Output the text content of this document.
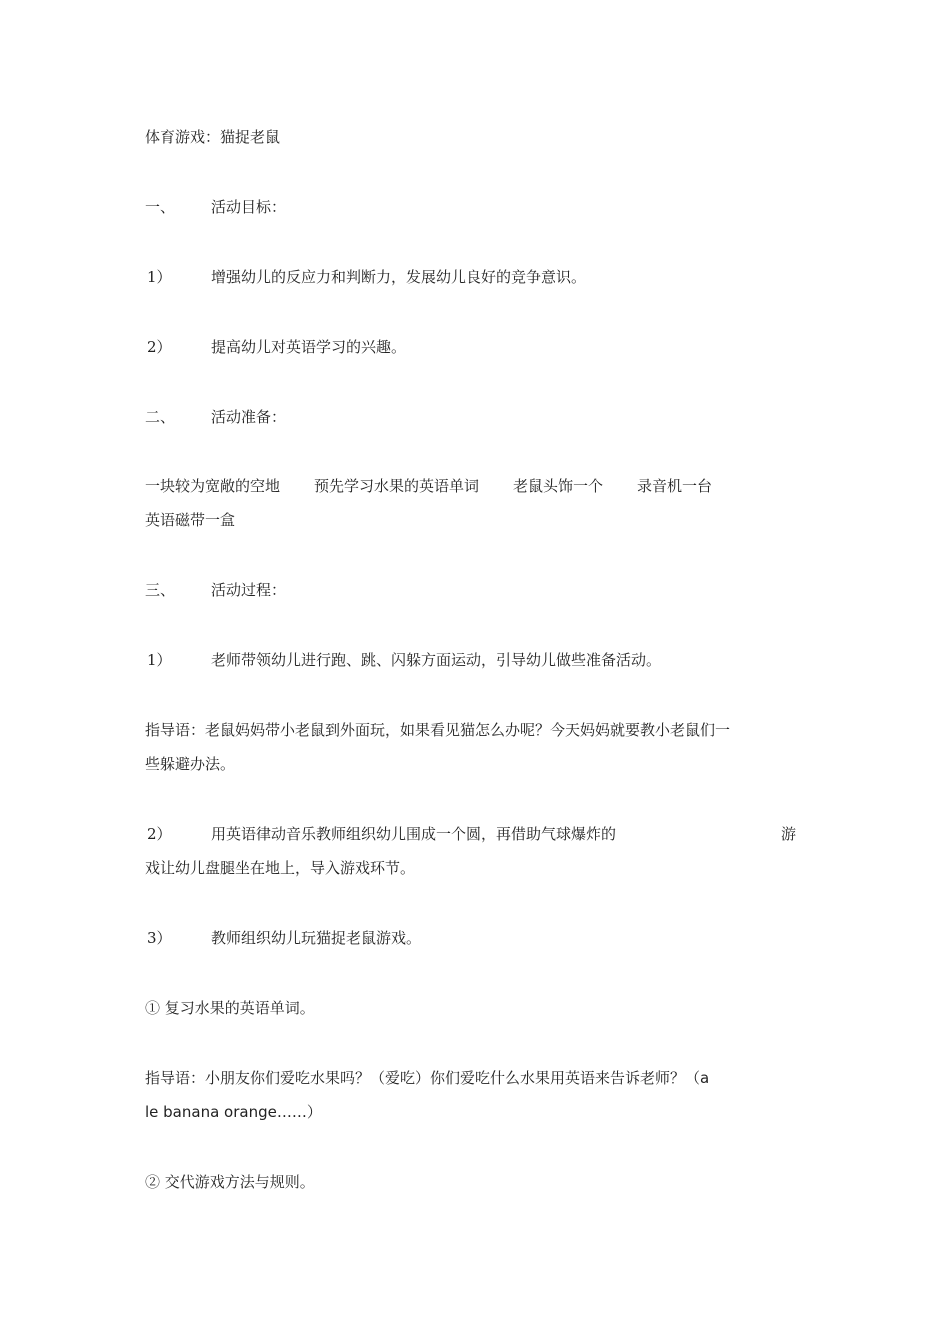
体育游戏：猫捉老鼠
一、 活动目标：
1）	增强幼儿的反应力和判断力，发展幼儿良好的竞争意识。
2）	提高幼儿对英语学习的兴趣。
二、 活动准备：
一块较为宽敞的空地 预先学习水果的英语单词 老鼠头饰一个 录音机一台
英语磁带一盒
三、 活动过程：
1）	老师带领幼儿进行跑、跳、闪躲方面运动，引导幼儿做些准备活动。
指导语：老鼠妈妈带小老鼠到外面玩，如果看见猫怎么办呢？今天妈妈就要教小老鼠们一
些躲避办法。
2）	用英语律动音乐教师组织幼儿围成一个圆，再借助气球爆炸的	游
戏让幼儿盘腿坐在地上，导入游戏环节。
3）	教师组织幼儿玩猫捉老鼠游戏。
① 复习水果的英语单词。
指导语：小朋友你们爱吃水果吗？（爱吃）你们爱吃什么水果用英语来告诉老师？（a
le banana orange……）
② 交代游戏方法与规则。
